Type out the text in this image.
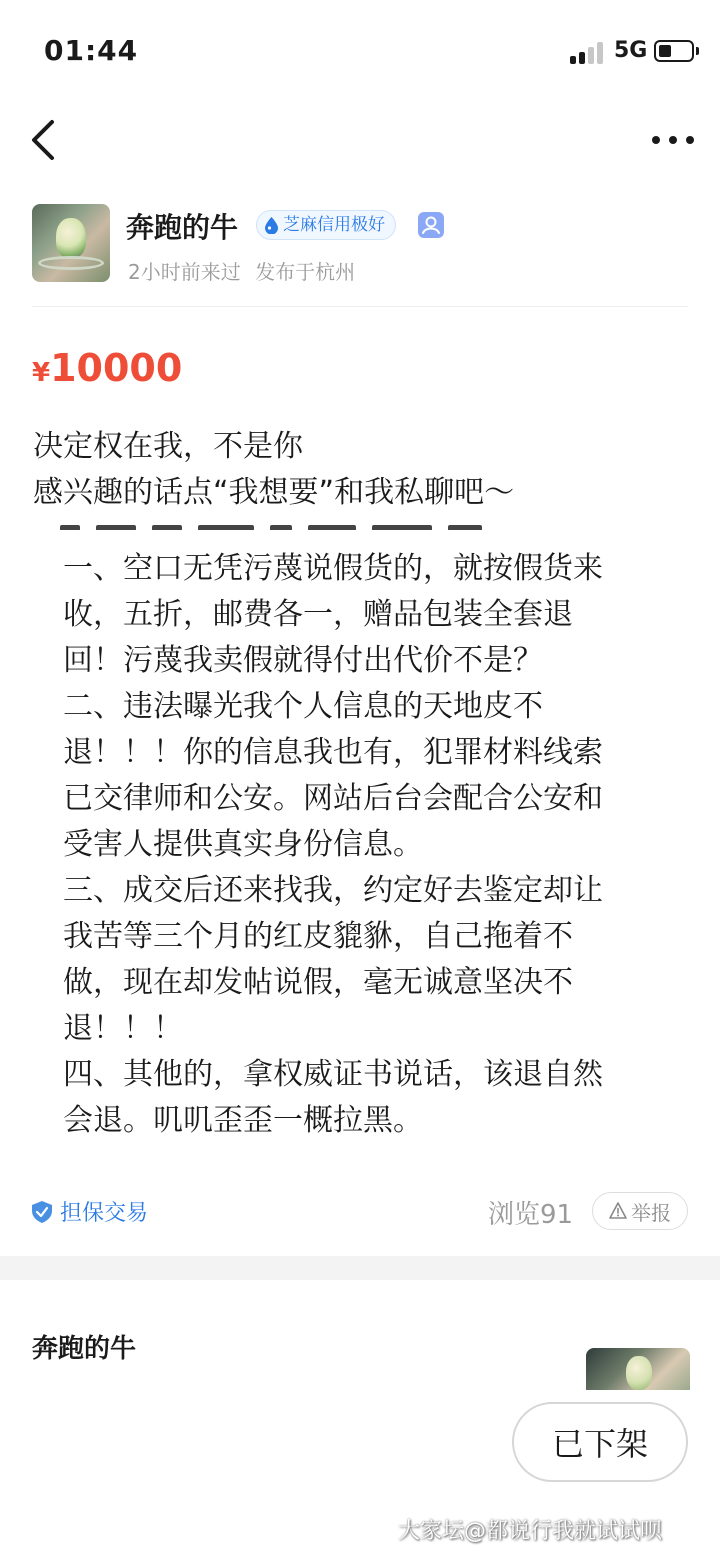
01:44	5G
奔跑的牛	芝麻信用极好
2小时前来过 发布于杭州
¥10000
决定权在我，不是你
感兴趣的话点“我想要”和我私聊吧～

一、空口无凭污蔑说假货的，就按假货来

收，五折，邮费各一，赠品包装全套退

回！污蔑我卖假就得付出代价不是？

二、违法曝光我个人信息的天地皮不

退！！！你的信息我也有，犯罪材料线索

已交律师和公安。网站后台会配合公安和

受害人提供真实身份信息。

三、成交后还来找我，约定好去鉴定却让

我苦等三个月的红皮貔貅，自己拖着不

做，现在却发帖说假，毫无诚意坚决不

退！！！

四、其他的，拿权威证书说话，该退自然

会退。叽叽歪歪一概拉黑。

担保交易	浏览91	举报
奔跑的牛
已下架
大家坛@都说行我就试试呗
